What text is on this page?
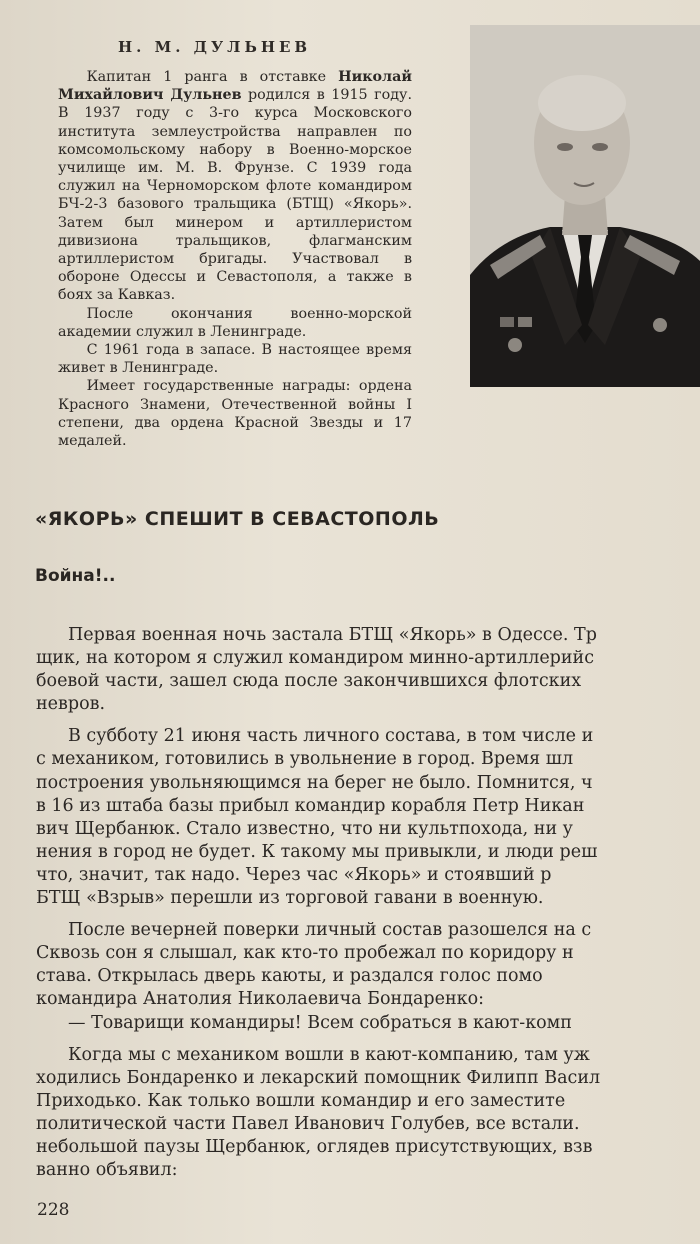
Н. М. ДУЛЬНЕВ

Капитан 1 ранга в отставке Николай Михайлович Дульнев родился в 1915 году. В 1937 году с 3-го курса Московского института землеустройства направлен по комсомольскому набору в Военно-морское училище им. М. В. Фрунзе. С 1939 года служил на Черноморском флоте командиром БЧ-2-3 базового тральщика (БТЩ) «Якорь». Затем был минером и артиллеристом дивизиона тральщиков, флагманским артиллеристом бригады. Участвовал в обороне Одессы и Севастополя, а также в боях за Кавказ.

После окончания военно-морской академии служил в Ленинграде.

С 1961 года в запасе. В настоящее время живет в Ленинграде.

Имеет государственные награды: ордена Красного Знамени, Отечественной войны I степени, два ордена Красной Звезды и 17 медалей.

«ЯКОРЬ» СПЕШИТ В СЕВАСТОПОЛЬ
Война!..
Первая военная ночь застала БТЩ «Якорь» в Одессе. Тр
щик, на котором я служил командиром минно-артиллерийс
боевой части, зашел сюда после закончившихся флотских
невров.
В субботу 21 июня часть личного состава, в том числе и
с механиком, готовились в увольнение в город. Время шл
построения увольняющимся на берег не было. Помнится, ч
в 16 из штаба базы прибыл командир корабля Петр Никан
вич Щербанюк. Стало известно, что ни культпохода, ни у
нения в город не будет. К такому мы привыкли, и люди реш
что, значит, так надо. Через час «Якорь» и стоявший р
БТЩ «Взрыв» перешли из торговой гавани в военную.
После вечерней поверки личный состав разошелся на с
Сквозь сон я слышал, как кто-то пробежал по коридору н
става. Открылась дверь каюты, и раздался голос помо
командира Анатолия Николаевича Бондаренко:
— Товарищи командиры! Всем собраться в кают-комп
Когда мы с механиком вошли в кают-компанию, там уж
ходились Бондаренко и лекарский помощник Филипп Васил
Приходько. Как только вошли командир и его заместите
политической части Павел Иванович Голубев, все встали.
небольшой паузы Щербанюк, оглядев присутствующих, взв
ванно объявил:
228
